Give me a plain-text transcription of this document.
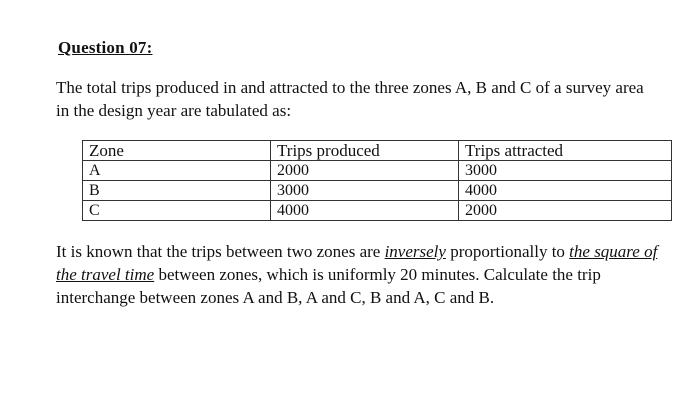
Question 07:
The total trips produced in and attracted to the three zones A, B and C of a survey area in the design year are tabulated as:
Zone	Trips produced	Trips attracted
A	2000	3000
B	3000	4000
C	4000	2000
It is known that the trips between two zones are inversely proportionally to the square of the travel time between zones, which is uniformly 20 minutes. Calculate the trip interchange between zones A and B, A and C, B and A, C and B.
